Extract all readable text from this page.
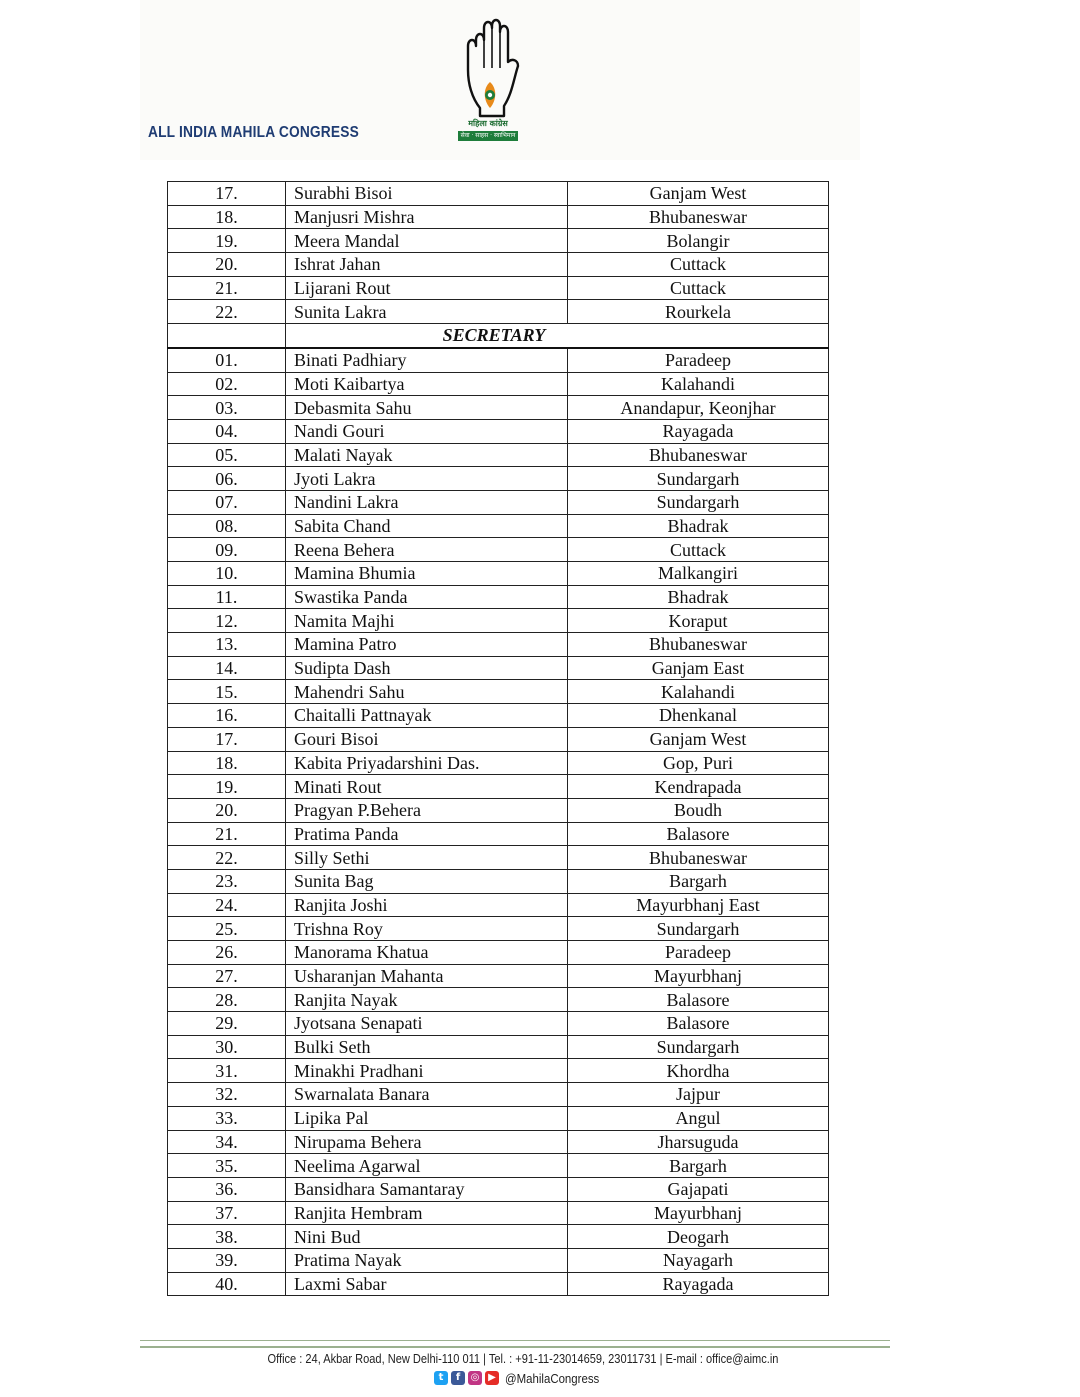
ALL INDIA MAHILA CONGRESS
महिला कांग्रेस
सेवा · साहस · स्वाभिमान
17.	Surabhi Bisoi	Ganjam West
18.	Manjusri Mishra	Bhubaneswar
19.	Meera Mandal	Bolangir
20.	Ishrat Jahan	Cuttack
21.	Lijarani Rout	Cuttack
22.	Sunita Lakra	Rourkela
	SECRETARY	
01.	Binati Padhiary	Paradeep
02.	Moti Kaibartya	Kalahandi
03.	Debasmita Sahu	Anandapur, Keonjhar
04.	Nandi Gouri	Rayagada
05.	Malati Nayak	Bhubaneswar
06.	Jyoti Lakra	Sundargarh
07.	Nandini Lakra	Sundargarh
08.	Sabita Chand	Bhadrak
09.	Reena Behera	Cuttack
10.	Mamina Bhumia	Malkangiri
11.	Swastika Panda	Bhadrak
12.	Namita Majhi	Koraput
13.	Mamina Patro	Bhubaneswar
14.	Sudipta Dash	Ganjam East
15.	Mahendri Sahu	Kalahandi
16.	Chaitalli Pattnayak	Dhenkanal
17.	Gouri Bisoi	Ganjam West
18.	Kabita Priyadarshini Das.	Gop, Puri
19.	Minati Rout	Kendrapada
20.	Pragyan P.Behera	Boudh
21.	Pratima Panda	Balasore
22.	Silly Sethi	Bhubaneswar
23.	Sunita Bag	Bargarh
24.	Ranjita Joshi	Mayurbhanj East
25.	Trishna Roy	Sundargarh
26.	Manorama Khatua	Paradeep
27.	Usharanjan Mahanta	Mayurbhanj
28.	Ranjita Nayak	Balasore
29.	Jyotsana Senapati	Balasore
30.	Bulki Seth	Sundargarh
31.	Minakhi Pradhani	Khordha
32.	Swarnalata Banara	Jajpur
33.	Lipika Pal	Angul
34.	Nirupama Behera	Jharsuguda
35.	Neelima Agarwal	Bargarh
36.	Bansidhara Samantaray	Gajapati
37.	Ranjita Hembram	Mayurbhanj
38.	Nini Bud	Deogarh
39.	Pratima Nayak	Nayagarh
40.	Laxmi Sabar	Rayagada
Office : 24, Akbar Road, New Delhi-110 011 | Tel. : +91-11-23014659, 23011731 | E-mail : office@aimc.in
t	f	◎ ▶ @MahilaCongress
